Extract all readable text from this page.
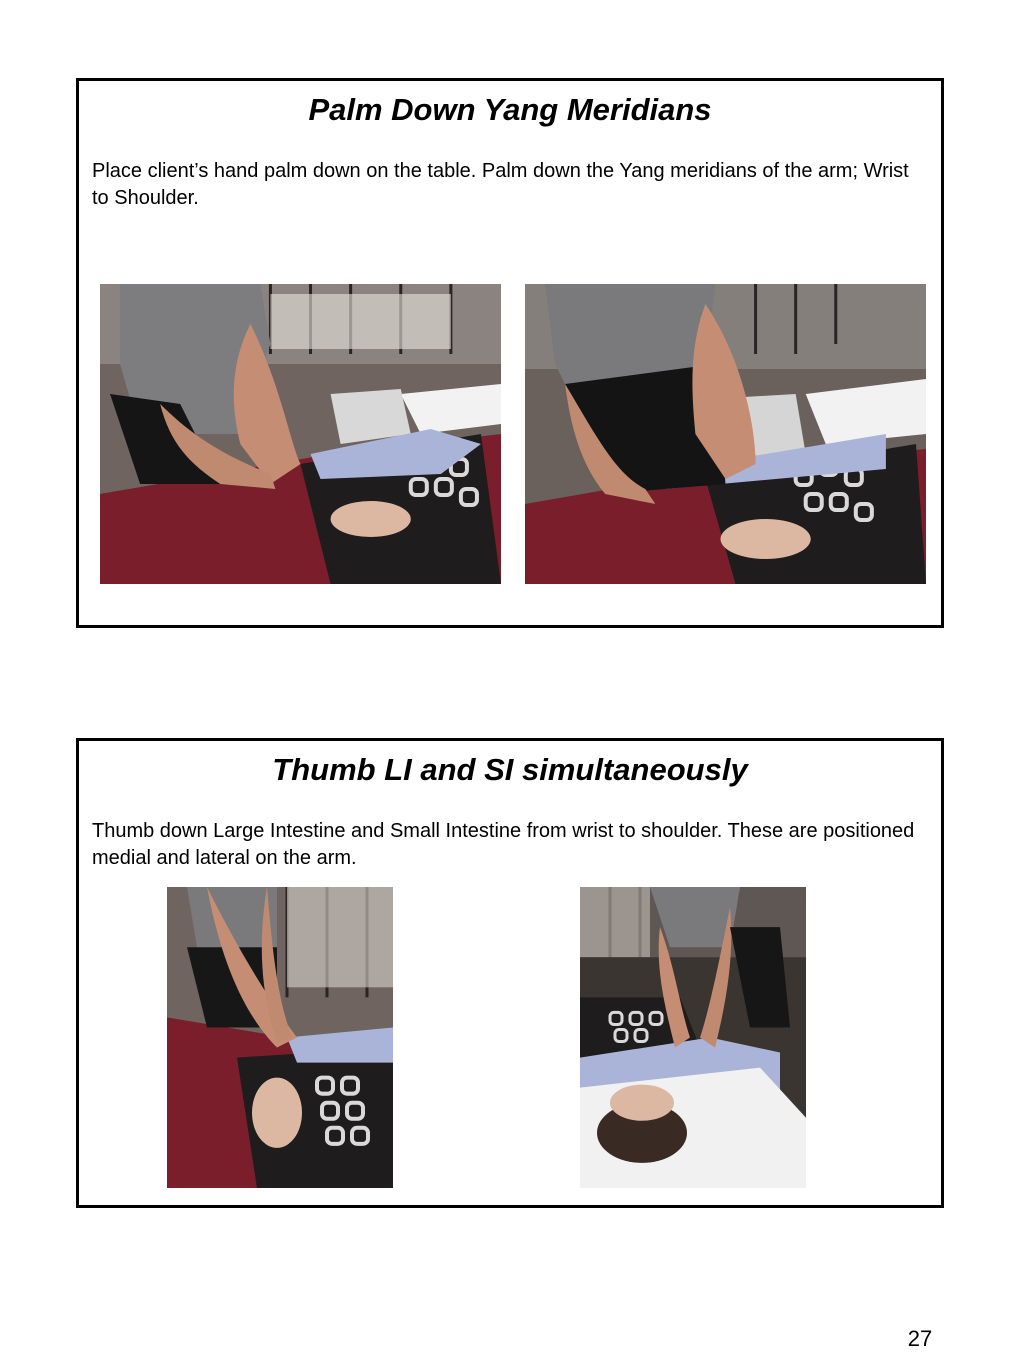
Palm Down Yang Meridians
Place client’s hand palm down on the table. Palm down the Yang meridians of the arm; Wrist to Shoulder.
Thumb LI and SI simultaneously
Thumb down Large Intestine and Small Intestine from wrist to shoulder. These are positioned medial and lateral on the arm.
27
